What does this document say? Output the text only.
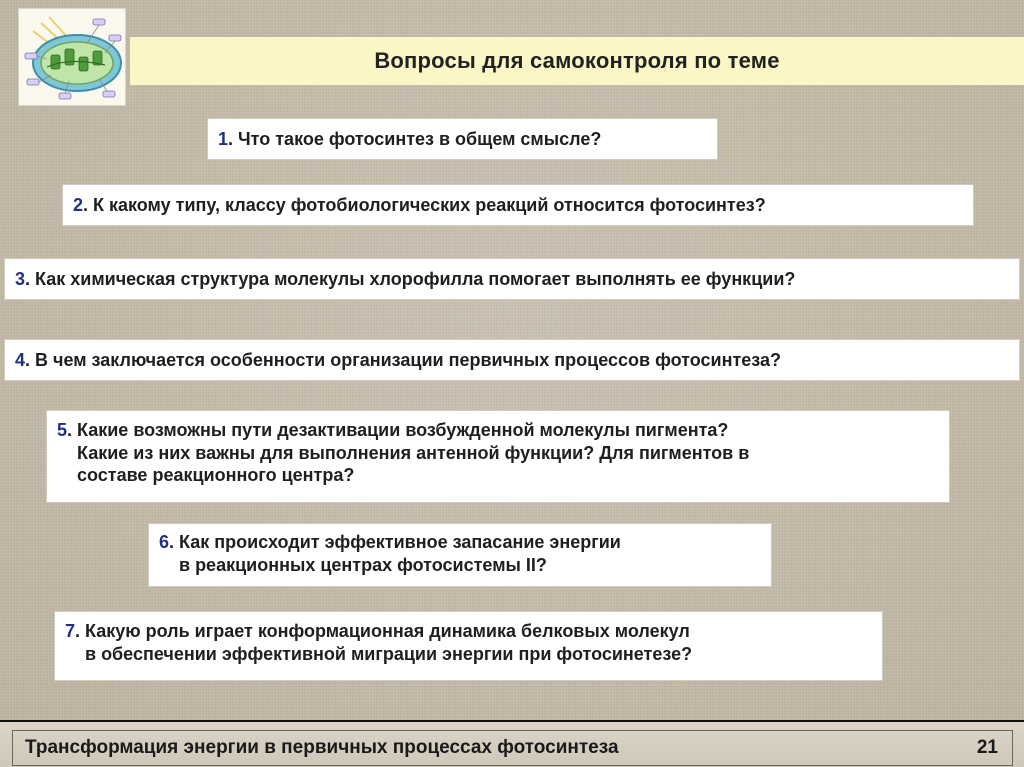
Вопросы для самоконтроля по теме
1. Что такое фотосинтез в общем смысле?
2. К какому типу, классу фотобиологических реакций относится фотосинтез?
3. Как химическая структура молекулы хлорофилла помогает выполнять ее функции?
4. В чем заключается особенности организации первичных процессов фотосинтеза?
5. Какие возможны пути дезактивации возбужденной молекулы пигмента?
Какие из них важны для выполнения антенной функции? Для пигментов в
составе реакционного центра?
6. Как происходит эффективное запасание энергии
в реакционных центрах фотосистемы II?
7. Какую роль играет конформационная динамика белковых молекул
в обеспечении эффективной миграции энергии при фотосинетезе?
Трансформация энергии в первичных процессах фотосинтеза	21
